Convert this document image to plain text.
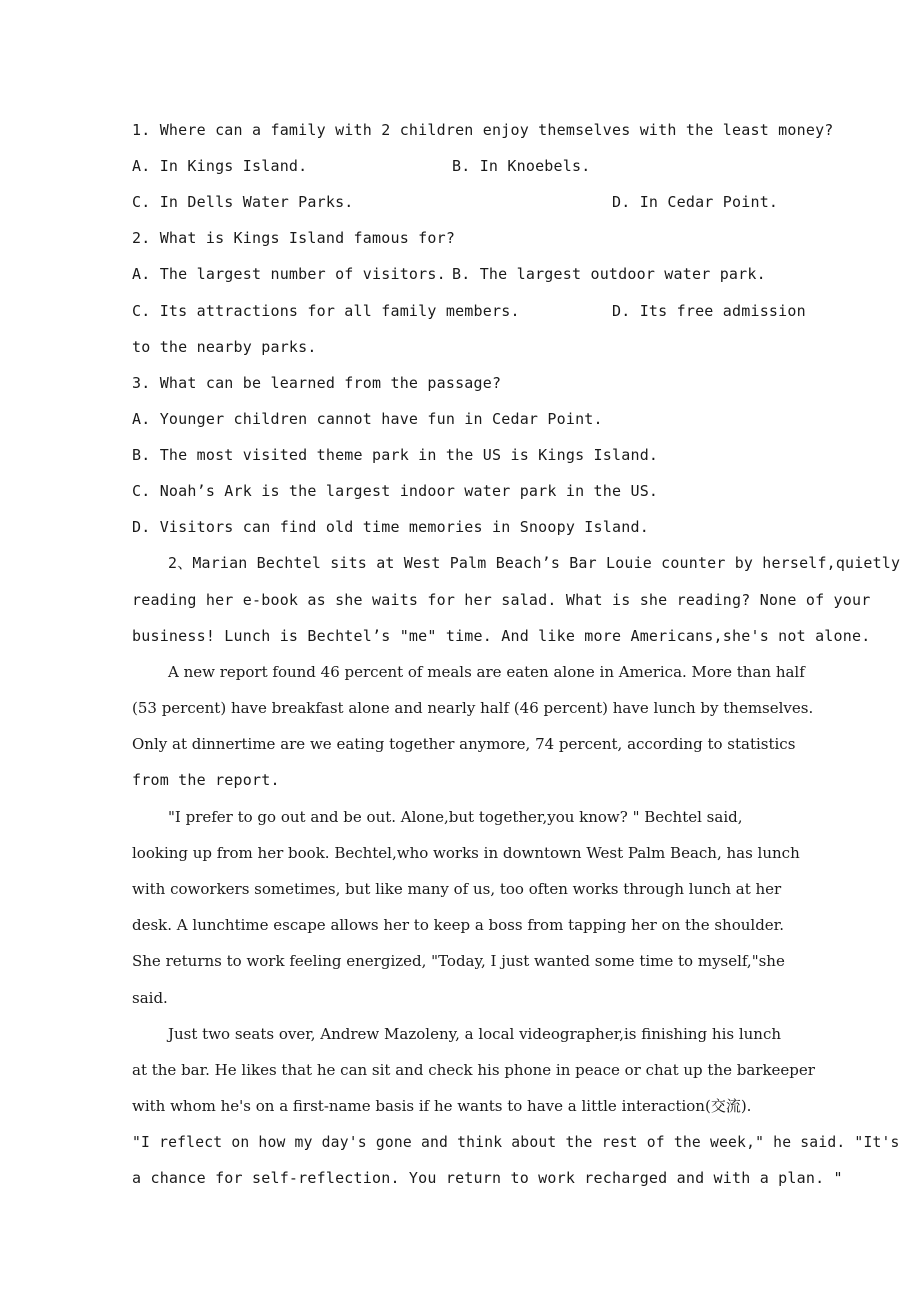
1. Where can a family with 2 children enjoy themselves with the least money?
A. In Kings Island.	B. In Knoebels.
C. In Dells Water Parks.	D. In Cedar Point.
2. What is Kings Island famous for?
A. The largest number of visitors. B. The largest outdoor water park.
C. Its attractions for all family members.	D. Its free admission
to the nearby parks.
3. What can be learned from the passage?
A. Younger children cannot have fun in Cedar Point.
B. The most visited theme park in the US is Kings Island.
C. Noah’s Ark is the largest indoor water park in the US.
D. Visitors can find old time memories in Snoopy Island.
2、Marian Bechtel sits at West Palm Beach’s Bar Louie counter by herself,quietly
reading her e-book as she waits for her salad. What is she reading? None of your
business! Lunch is Bechtel’s "me" time. And like more Americans,she's not alone.
A new report found 46 percent of meals are eaten alone in America. More than half
(53 percent) have breakfast alone and nearly half (46 percent) have lunch by themselves.
Only at dinnertime are we eating together anymore, 74 percent, according to statistics
from the report.
"I prefer to go out and be out. Alone,but together,you know? " Bechtel said,
looking up from her book. Bechtel,who works in downtown West Palm Beach, has lunch
with coworkers sometimes, but like many of us, too often works through lunch at her
desk. A lunchtime escape allows her to keep a boss from tapping her on the shoulder.
She returns to work feeling energized, "Today, I just wanted some time to myself,"she
said.
Just two seats over, Andrew Mazoleny, a local videographer,is finishing his lunch
at the bar. He likes that he can sit and check his phone in peace or chat up the barkeeper
with whom he's on a first-name basis if he wants to have a little interaction(交流).
"I reflect on how my day's gone and think about the rest of the week," he said. "It's
a chance for self-reflection. You return to work recharged and with a plan. "
